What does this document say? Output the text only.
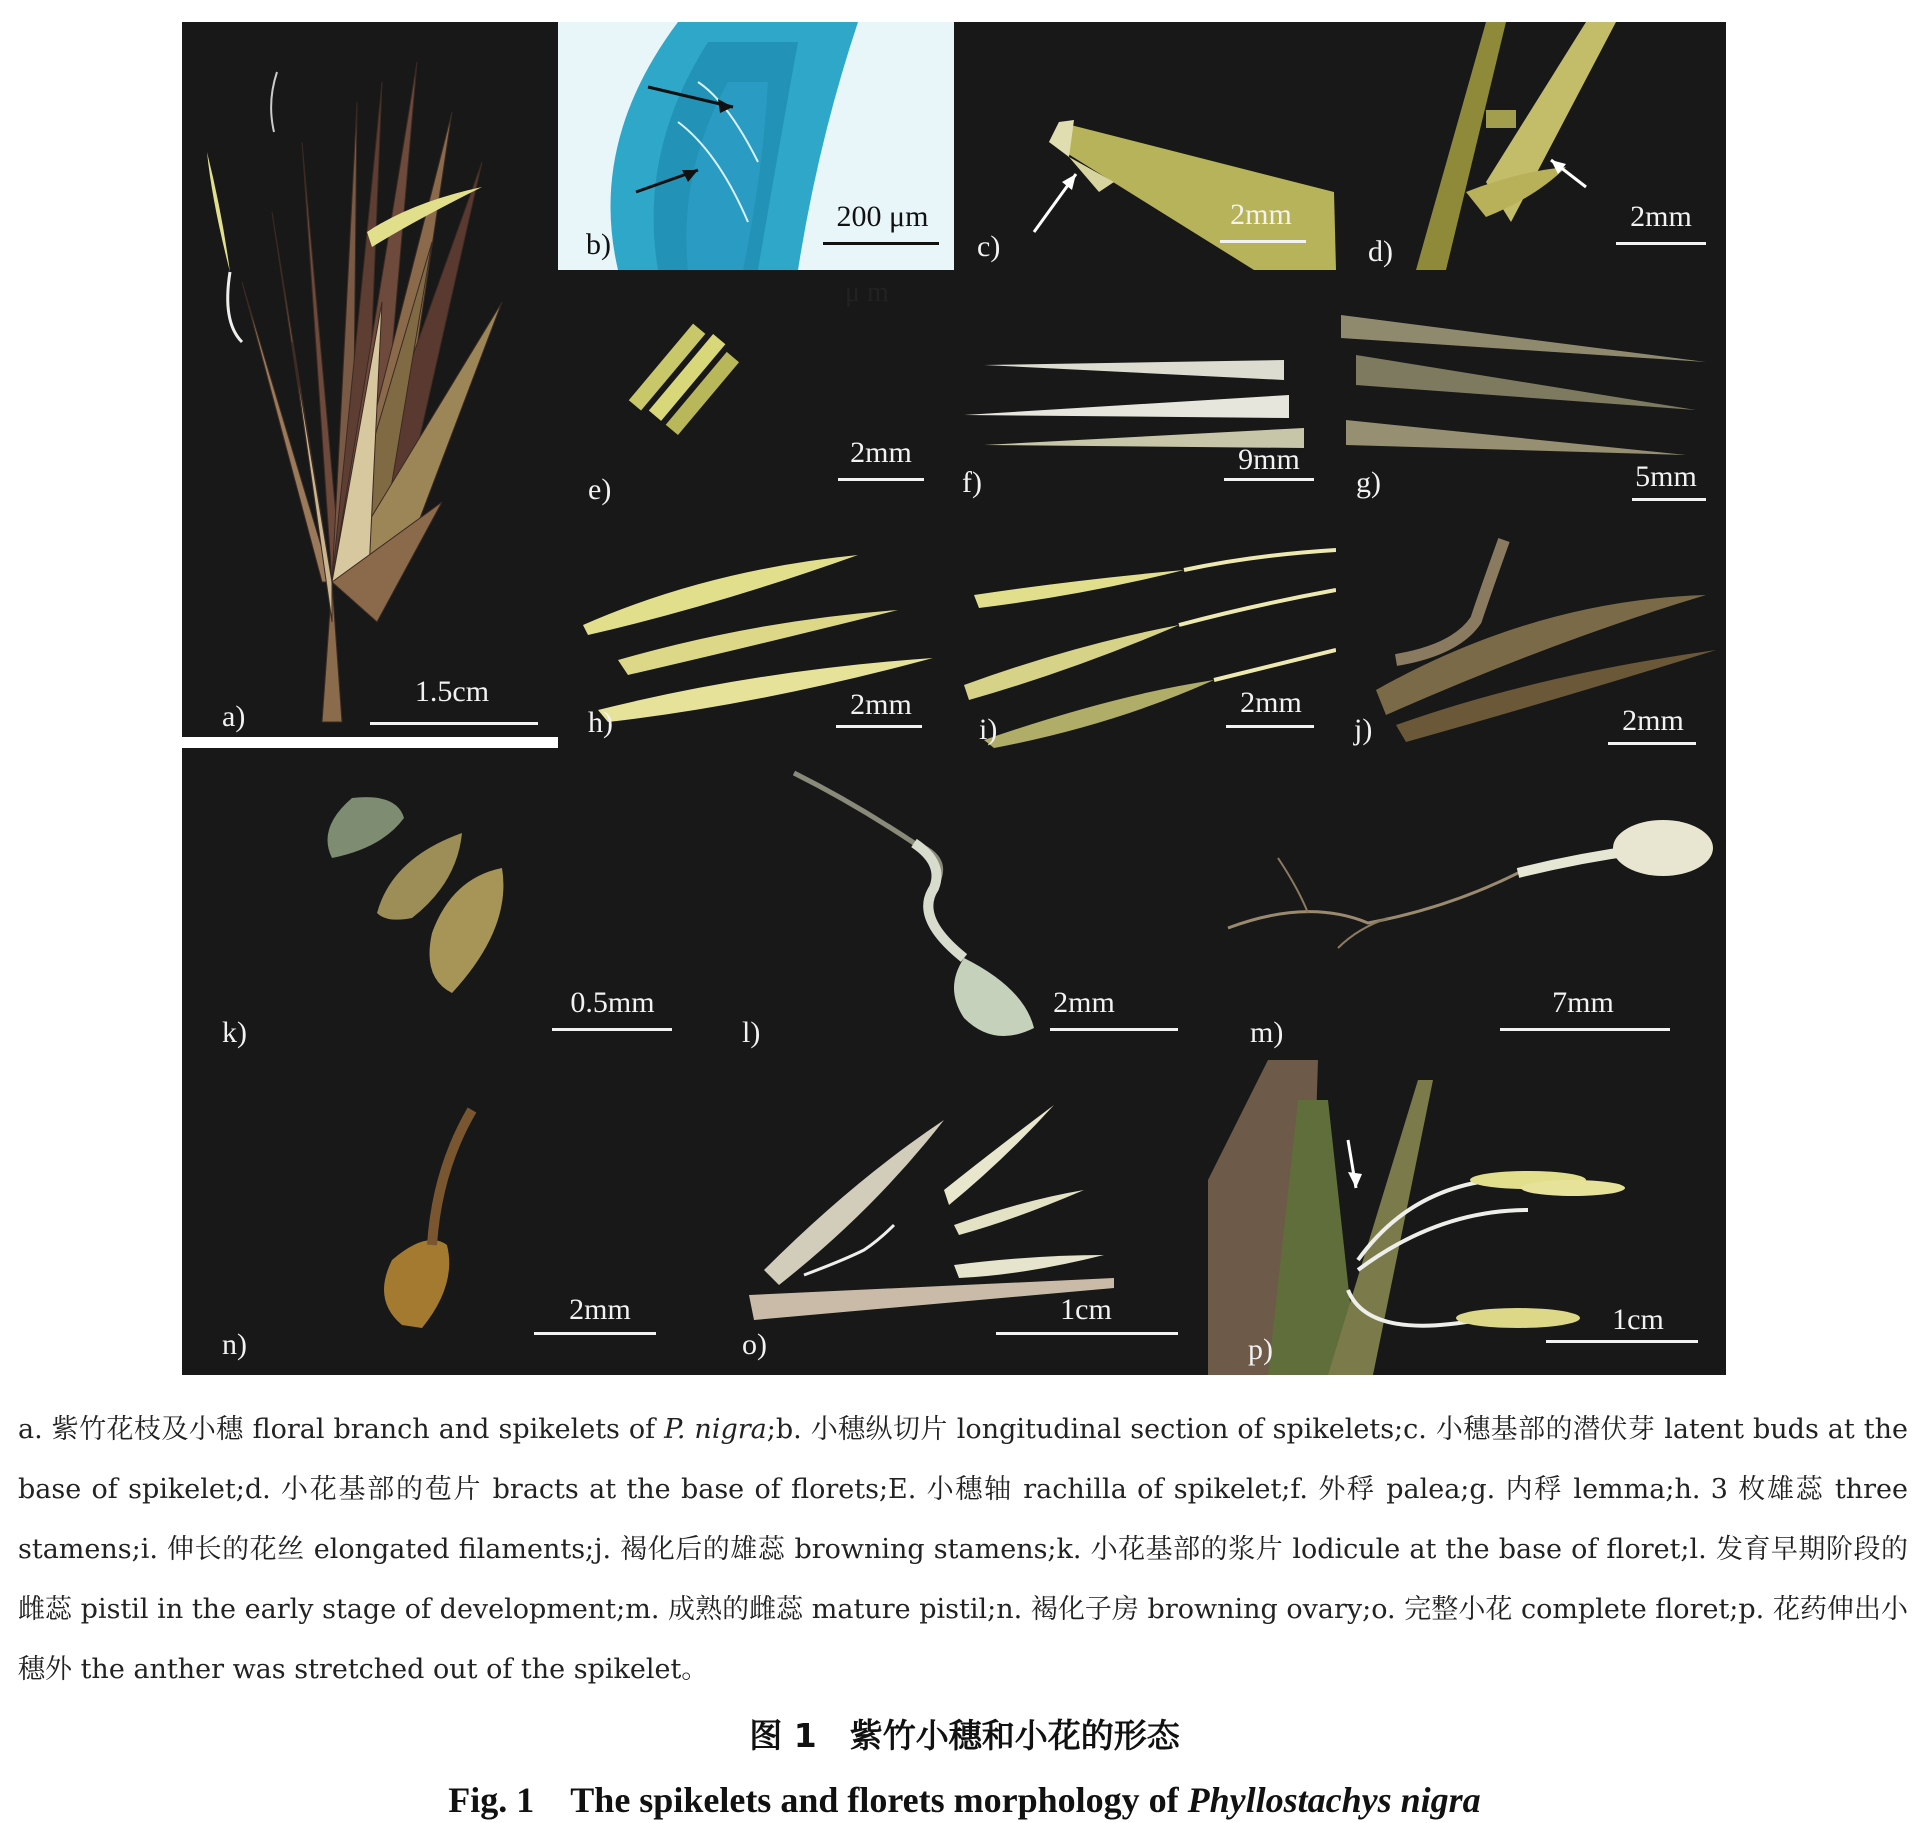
a)
1.5cm
b)
200 μm
c)
2mm
d)
2mm
e)
2mm
f)
9mm
g)	5mm
h)
2mm
i)
2mm
j)	2mm
k)
0.5mm
l)
2mm
m)
7mm
n)
2mm
o)
1cm
p)
1cm
μ m
a. 紫竹花枝及小穗 floral branch and spikelets of P. nigra;b. 小穗纵切片 longitudinal section of spikelets;c. 小穗基部的潜伏芽 latent buds at the base of spikelet;d. 小花基部的苞片 bracts at the base of florets;E. 小穗轴 rachilla of spikelet;f. 外稃 palea;g. 内稃 lemma;h. 3 枚雄蕊 three stamens;i. 伸长的花丝 elongated filaments;j. 褐化后的雄蕊 browning stamens;k. 小花基部的浆片 lodicule at the base of floret;l. 发育早期阶段的雌蕊 pistil in the early stage of development;m. 成熟的雌蕊 mature pistil;n. 褐化子房 browning ovary;o. 完整小花 complete floret;p. 花药伸出小穗外 the anther was stretched out of the spikelet。
图 1　紫竹小穗和小花的形态
Fig. 1　The spikelets and florets morphology of Phyllostachys nigra
